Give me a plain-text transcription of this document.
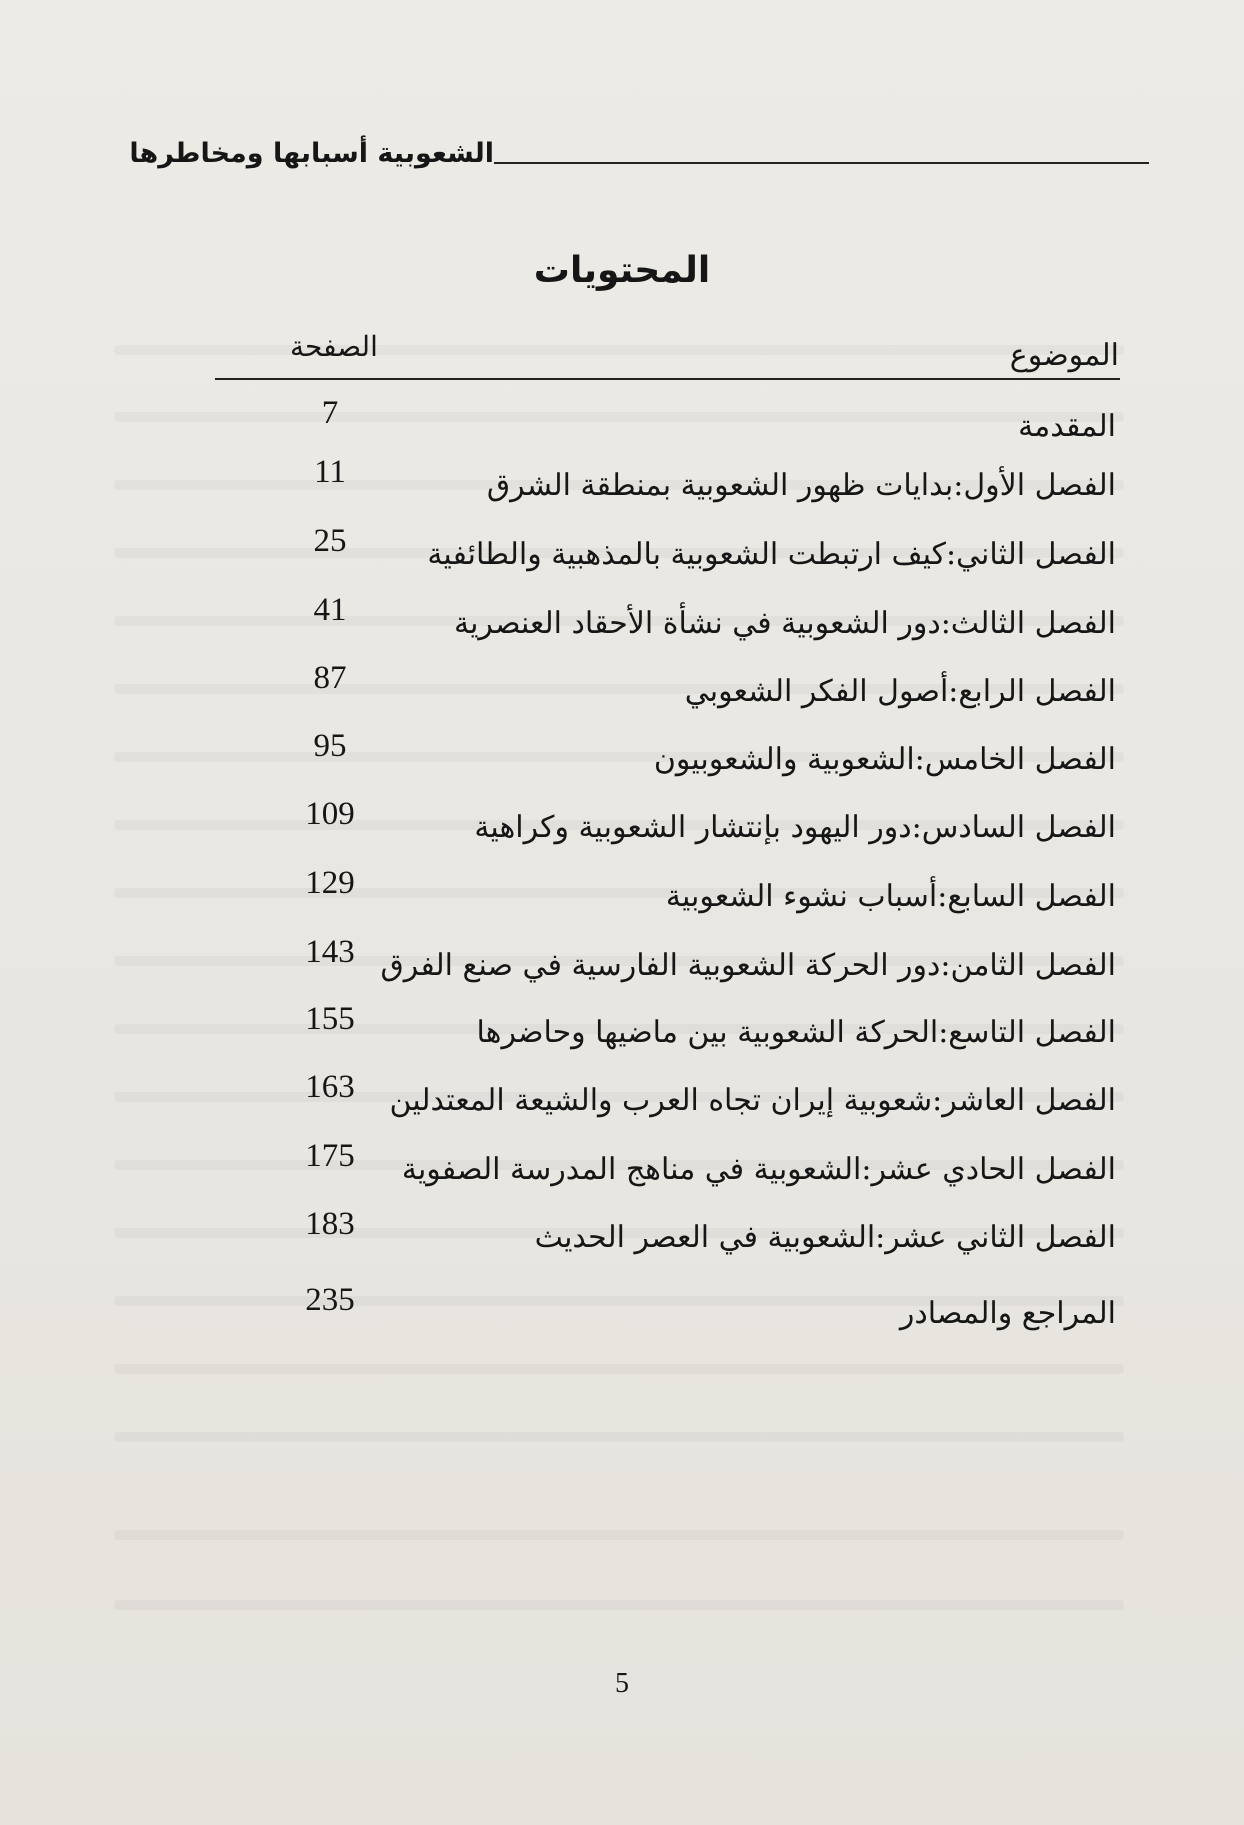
الشعوبية أسبابها ومخاطرها
المحتويات
الموضوع
الصفحة
المقدمة
7
الفصل الأول:بدايات ظهور الشعوبية بمنطقة الشرق
11
الفصل الثاني:كيف ارتبطت الشعوبية بالمذهبية والطائفية
25
الفصل الثالث:دور الشعوبية في نشأة الأحقاد العنصرية
41
الفصل الرابع:أصول الفكر الشعوبي
87
الفصل الخامس:الشعوبية والشعوبيون
95
الفصل السادس:دور اليهود بإنتشار الشعوبية وكراهية
109
الفصل السابع:أسباب نشوء الشعوبية
129
الفصل الثامن:دور الحركة الشعوبية الفارسية في صنع الفرق
143
الفصل التاسع:الحركة الشعوبية بين ماضيها وحاضرها
155
الفصل العاشر:شعوبية إيران تجاه العرب والشيعة المعتدلين
163
الفصل الحادي عشر:الشعوبية في مناهج المدرسة الصفوية
175
الفصل الثاني عشر:الشعوبية في العصر الحديث
183
المراجع والمصادر
235
5
